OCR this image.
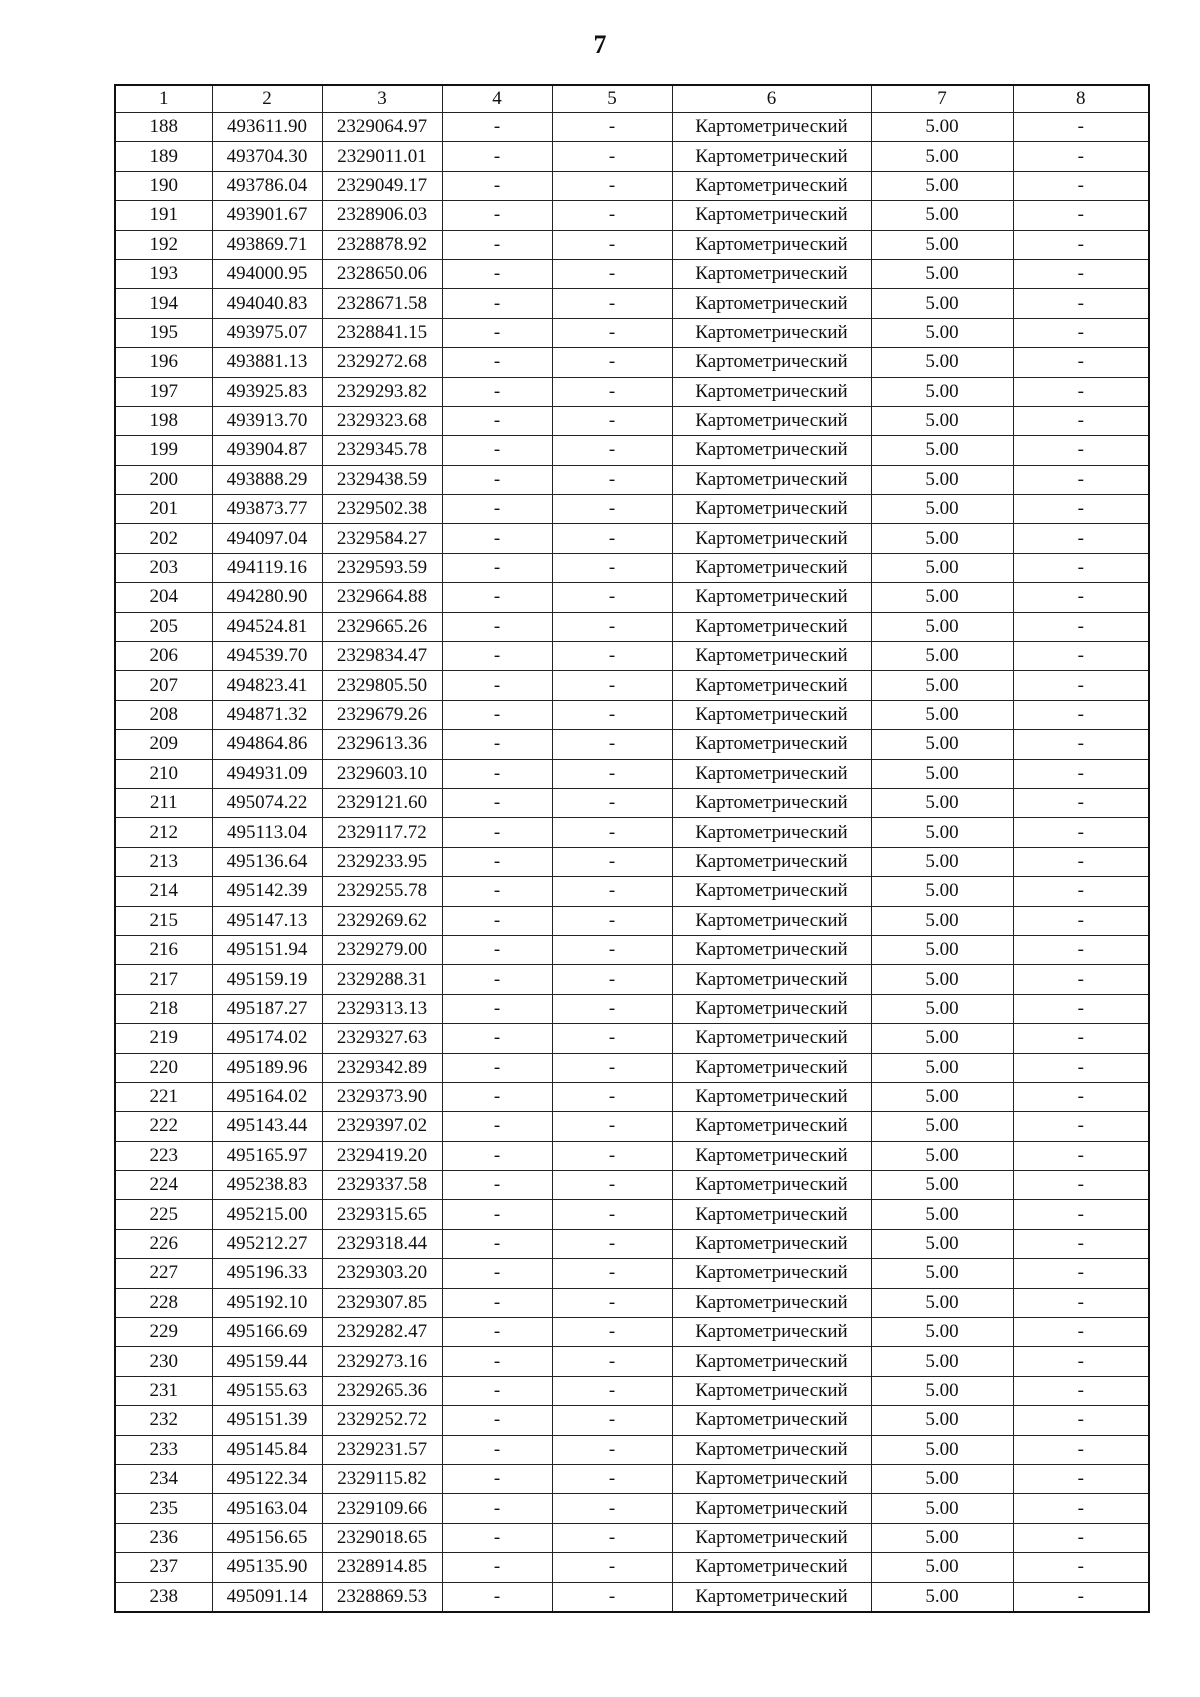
7
1	2	3	4	5	6	7	8
188	493611.90	2329064.97	-	-	Картометрический	5.00	-
189	493704.30	2329011.01	-	-	Картометрический	5.00	-
190	493786.04	2329049.17	-	-	Картометрический	5.00	-
191	493901.67	2328906.03	-	-	Картометрический	5.00	-
192	493869.71	2328878.92	-	-	Картометрический	5.00	-
193	494000.95	2328650.06	-	-	Картометрический	5.00	-
194	494040.83	2328671.58	-	-	Картометрический	5.00	-
195	493975.07	2328841.15	-	-	Картометрический	5.00	-
196	493881.13	2329272.68	-	-	Картометрический	5.00	-
197	493925.83	2329293.82	-	-	Картометрический	5.00	-
198	493913.70	2329323.68	-	-	Картометрический	5.00	-
199	493904.87	2329345.78	-	-	Картометрический	5.00	-
200	493888.29	2329438.59	-	-	Картометрический	5.00	-
201	493873.77	2329502.38	-	-	Картометрический	5.00	-
202	494097.04	2329584.27	-	-	Картометрический	5.00	-
203	494119.16	2329593.59	-	-	Картометрический	5.00	-
204	494280.90	2329664.88	-	-	Картометрический	5.00	-
205	494524.81	2329665.26	-	-	Картометрический	5.00	-
206	494539.70	2329834.47	-	-	Картометрический	5.00	-
207	494823.41	2329805.50	-	-	Картометрический	5.00	-
208	494871.32	2329679.26	-	-	Картометрический	5.00	-
209	494864.86	2329613.36	-	-	Картометрический	5.00	-
210	494931.09	2329603.10	-	-	Картометрический	5.00	-
211	495074.22	2329121.60	-	-	Картометрический	5.00	-
212	495113.04	2329117.72	-	-	Картометрический	5.00	-
213	495136.64	2329233.95	-	-	Картометрический	5.00	-
214	495142.39	2329255.78	-	-	Картометрический	5.00	-
215	495147.13	2329269.62	-	-	Картометрический	5.00	-
216	495151.94	2329279.00	-	-	Картометрический	5.00	-
217	495159.19	2329288.31	-	-	Картометрический	5.00	-
218	495187.27	2329313.13	-	-	Картометрический	5.00	-
219	495174.02	2329327.63	-	-	Картометрический	5.00	-
220	495189.96	2329342.89	-	-	Картометрический	5.00	-
221	495164.02	2329373.90	-	-	Картометрический	5.00	-
222	495143.44	2329397.02	-	-	Картометрический	5.00	-
223	495165.97	2329419.20	-	-	Картометрический	5.00	-
224	495238.83	2329337.58	-	-	Картометрический	5.00	-
225	495215.00	2329315.65	-	-	Картометрический	5.00	-
226	495212.27	2329318.44	-	-	Картометрический	5.00	-
227	495196.33	2329303.20	-	-	Картометрический	5.00	-
228	495192.10	2329307.85	-	-	Картометрический	5.00	-
229	495166.69	2329282.47	-	-	Картометрический	5.00	-
230	495159.44	2329273.16	-	-	Картометрический	5.00	-
231	495155.63	2329265.36	-	-	Картометрический	5.00	-
232	495151.39	2329252.72	-	-	Картометрический	5.00	-
233	495145.84	2329231.57	-	-	Картометрический	5.00	-
234	495122.34	2329115.82	-	-	Картометрический	5.00	-
235	495163.04	2329109.66	-	-	Картометрический	5.00	-
236	495156.65	2329018.65	-	-	Картометрический	5.00	-
237	495135.90	2328914.85	-	-	Картометрический	5.00	-
238	495091.14	2328869.53	-	-	Картометрический	5.00	-
